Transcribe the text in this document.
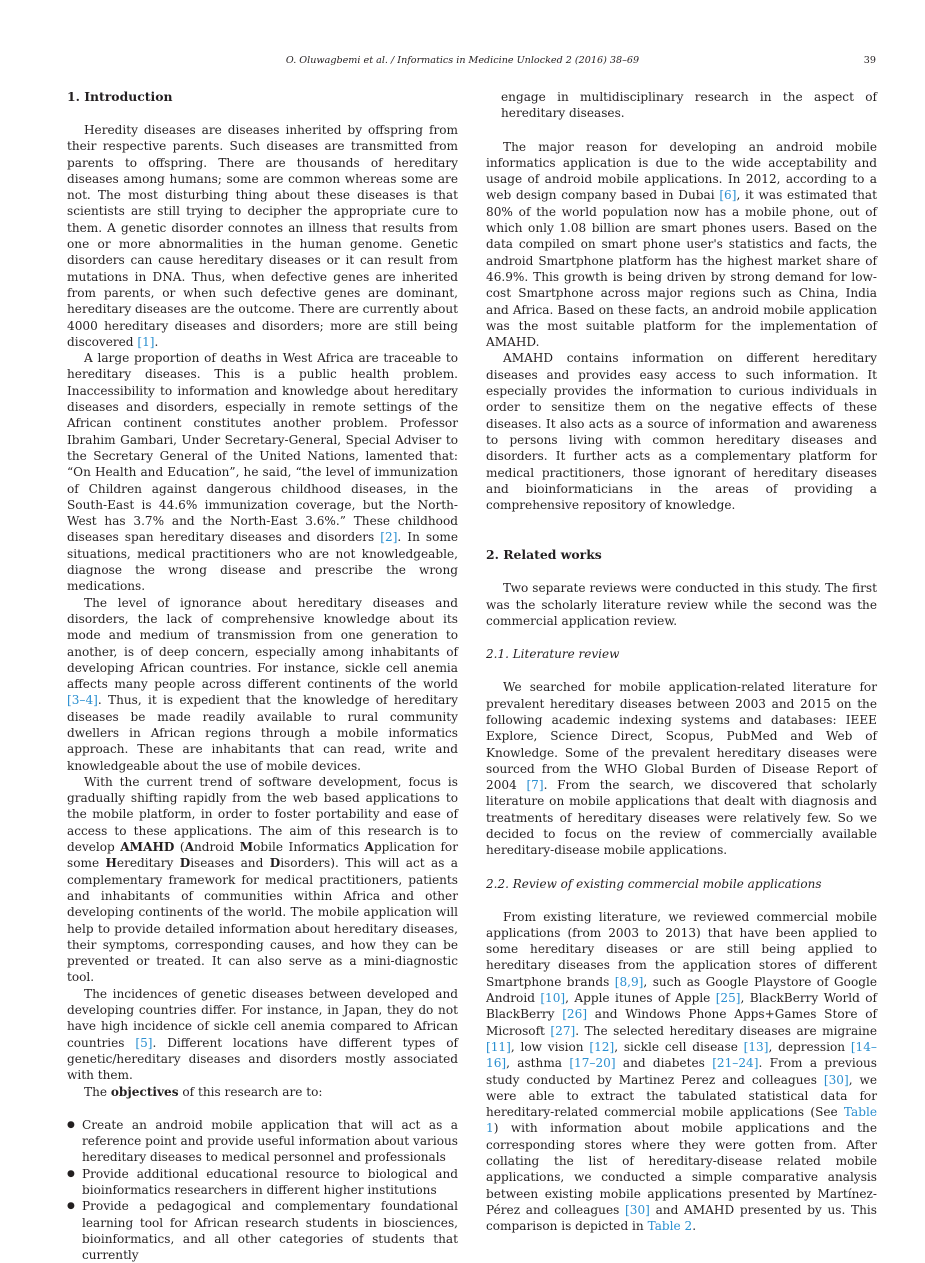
O. Oluwagbemi et al. / Informatics in Medicine Unlocked 2 (2016) 38–69	39
1. Introduction

Heredity diseases are diseases inherited by offspring from their respective parents. Such diseases are transmitted from parents to offspring. There are thousands of hereditary diseases among humans; some are common whereas some are not. The most disturbing thing about these diseases is that scientists are still trying to decipher the appropriate cure to them. A genetic disorder connotes an illness that results from one or more abnormalities in the human genome. Genetic disorders can cause hereditary diseases or it can result from mutations in DNA. Thus, when defective genes are inherited from parents, or when such defective genes are dominant, hereditary diseases are the outcome. There are currently about 4000 hereditary diseases and disorders; more are still being discovered [1].

A large proportion of deaths in West Africa are traceable to hereditary diseases. This is a public health problem. Inaccessibility to information and knowledge about hereditary diseases and disorders, especially in remote settings of the African continent constitutes another problem. Professor Ibrahim Gambari, Under Secretary-General, Special Adviser to the Secretary General of the United Nations, lamented that: “On Health and Education”, he said, “the level of immunization of Children against dangerous childhood diseases, in the South-East is 44.6% immunization coverage, but the North-West has 3.7% and the North-East 3.6%.” These childhood diseases span hereditary diseases and disorders [2]. In some situations, medical practitioners who are not knowledgeable, diagnose the wrong disease and prescribe the wrong medications.

The level of ignorance about hereditary diseases and disorders, the lack of comprehensive knowledge about its mode and medium of transmission from one generation to another, is of deep concern, especially among inhabitants of developing African countries. For instance, sickle cell anemia affects many people across different continents of the world [3–4]. Thus, it is expedient that the knowledge of hereditary diseases be made readily available to rural community dwellers in African regions through a mobile informatics approach. These are inhabitants that can read, write and knowledgeable about the use of mobile devices.

With the current trend of software development, focus is gradually shifting rapidly from the web based applications to the mobile platform, in order to foster portability and ease of access to these applications. The aim of this research is to develop AMAHD (Android Mobile Informatics Application for some Hereditary Diseases and Disorders). This will act as a complementary framework for medical practitioners, patients and inhabitants of communities within Africa and other developing continents of the world. The mobile application will help to provide detailed information about hereditary diseases, their symptoms, corresponding causes, and how they can be prevented or treated. It can also serve as a mini-diagnostic tool.

The incidences of genetic diseases between developed and developing countries differ. For instance, in Japan, they do not have high incidence of sickle cell anemia compared to African countries [5]. Different locations have different types of genetic/hereditary diseases and disorders mostly associated with them.

The objectives of this research are to:

● Create an android mobile application that will act as a reference point and provide useful information about various hereditary diseases to medical personnel and professionals
● Provide additional educational resource to biological and bioinformatics researchers in different higher institutions
● Provide a pedagogical and complementary foundational learning tool for African research students in biosciences, bioinformatics, and all other categories of students that currently

engage in multidisciplinary research in the aspect of hereditary diseases.

The major reason for developing an android mobile informatics application is due to the wide acceptability and usage of android mobile applications. In 2012, according to a web design company based in Dubai [6], it was estimated that 80% of the world population now has a mobile phone, out of which only 1.08 billion are smart phones users. Based on the data compiled on smart phone user's statistics and facts, the android Smartphone platform has the highest market share of 46.9%. This growth is being driven by strong demand for low-cost Smartphone across major regions such as China, India and Africa. Based on these facts, an android mobile application was the most suitable platform for the implementation of AMAHD.

AMAHD contains information on different hereditary diseases and provides easy access to such information. It especially provides the information to curious individuals in order to sensitize them on the negative effects of these diseases. It also acts as a source of information and awareness to persons living with common hereditary diseases and disorders. It further acts as a complementary platform for medical practitioners, those ignorant of hereditary diseases and bioinformaticians in the areas of providing a comprehensive repository of knowledge.

2. Related works

Two separate reviews were conducted in this study. The first was the scholarly literature review while the second was the commercial application review.

2.1. Literature review

We searched for mobile application-related literature for prevalent hereditary diseases between 2003 and 2015 on the following academic indexing systems and databases: IEEE Explore, Science Direct, Scopus, PubMed and Web of Knowledge. Some of the prevalent hereditary diseases were sourced from the WHO Global Burden of Disease Report of 2004 [7]. From the search, we discovered that scholarly literature on mobile applications that dealt with diagnosis and treatments of hereditary diseases were relatively few. So we decided to focus on the review of commercially available hereditary-disease mobile applications.

2.2. Review of existing commercial mobile applications

From existing literature, we reviewed commercial mobile applications (from 2003 to 2013) that have been applied to some hereditary diseases or are still being applied to hereditary diseases from the application stores of different Smartphone brands [8,9], such as Google Playstore of Google Android [10], Apple itunes of Apple [25], BlackBerry World of BlackBerry [26] and Windows Phone Apps+Games Store of Microsoft [27]. The selected hereditary diseases are migraine [11], low vision [12], sickle cell disease [13], depression [14–16], asthma [17–20] and diabetes [21–24]. From a previous study conducted by Martinez Perez and colleagues [30], we were able to extract the tabulated statistical data for hereditary-related commercial mobile applications (See Table 1) with information about mobile applications and the corresponding stores where they were gotten from. After collating the list of hereditary-disease related mobile applications, we conducted a simple comparative analysis between existing mobile applications presented by Martínez-Pérez and colleagues [30] and AMAHD presented by us. This comparison is depicted in Table 2.
